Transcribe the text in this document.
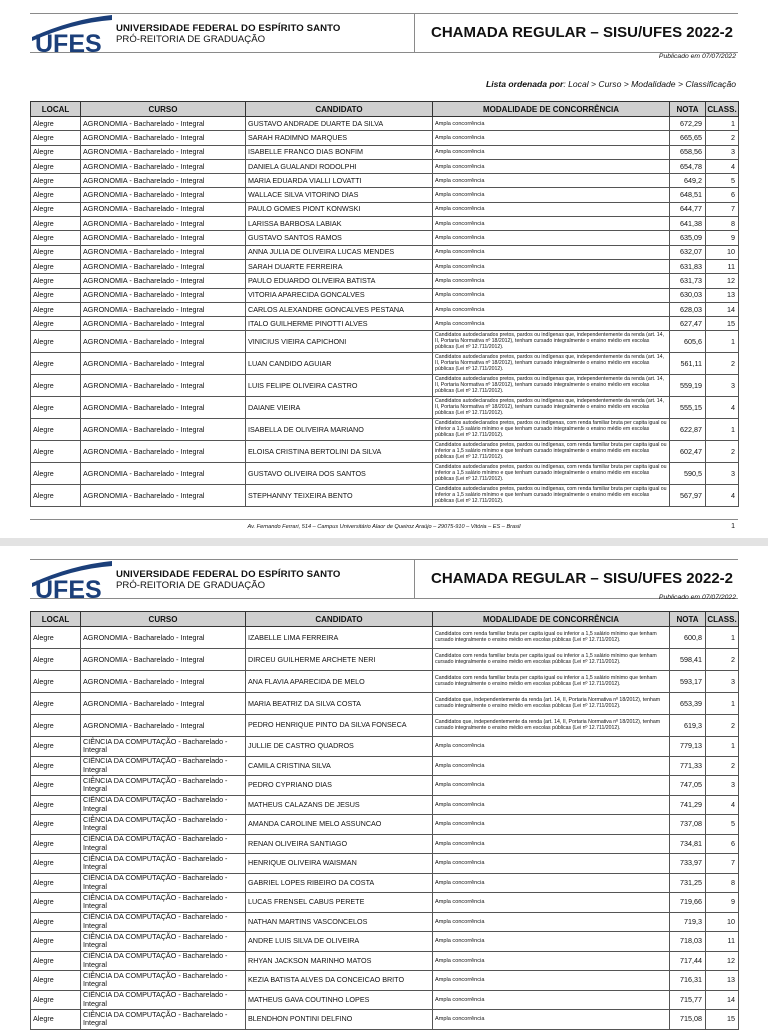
UFES
UNIVERSIDADE FEDERAL DO ESPÍRITO SANTO
PRÓ-REITORIA DE GRADUAÇÃO	CHAMADA REGULAR – SISU/UFES 2022-2
Publicado em 07/07/2022
Lista ordenada por: Local > Curso > Modalidade > Classificação
LOCAL	CURSO	CANDIDATO	MODALIDADE DE CONCORRÊNCIA	NOTA	CLASS.
Alegre	AGRONOMIA - Bacharelado - Integral	GUSTAVO ANDRADE DUARTE DA SILVA	Ampla concorrência	672,29	1
Alegre	AGRONOMIA - Bacharelado - Integral	SARAH RADIMNO MARQUES	Ampla concorrência	665,65	2
Alegre	AGRONOMIA - Bacharelado - Integral	ISABELLE FRANCO DIAS BONFIM	Ampla concorrência	658,56	3
Alegre	AGRONOMIA - Bacharelado - Integral	DANIELA GUALANDI RODOLPHI	Ampla concorrência	654,78	4
Alegre	AGRONOMIA - Bacharelado - Integral	MARIA EDUARDA VIALLI LOVATTI	Ampla concorrência	649,2	5
Alegre	AGRONOMIA - Bacharelado - Integral	WALLACE SILVA VITORINO DIAS	Ampla concorrência	648,51	6
Alegre	AGRONOMIA - Bacharelado - Integral	PAULO GOMES PIONT KONWSKI	Ampla concorrência	644,77	7
Alegre	AGRONOMIA - Bacharelado - Integral	LARISSA BARBOSA LABIAK	Ampla concorrência	641,38	8
Alegre	AGRONOMIA - Bacharelado - Integral	GUSTAVO SANTOS RAMOS	Ampla concorrência	635,09	9
Alegre	AGRONOMIA - Bacharelado - Integral	ANNA JULIA DE OLIVEIRA LUCAS MENDES	Ampla concorrência	632,07	10
Alegre	AGRONOMIA - Bacharelado - Integral	SARAH DUARTE FERREIRA	Ampla concorrência	631,83	11
Alegre	AGRONOMIA - Bacharelado - Integral	PAULO EDUARDO OLIVEIRA BATISTA	Ampla concorrência	631,73	12
Alegre	AGRONOMIA - Bacharelado - Integral	VITORIA APARECIDA GONCALVES	Ampla concorrência	630,03	13
Alegre	AGRONOMIA - Bacharelado - Integral	CARLOS ALEXANDRE GONCALVES PESTANA	Ampla concorrência	628,03	14
Alegre	AGRONOMIA - Bacharelado - Integral	ITALO GUILHERME PINOTTI ALVES	Ampla concorrência	627,47	15
Alegre	AGRONOMIA - Bacharelado - Integral	VINICIUS VIEIRA CAPICHONI	Candidatos autodeclarados pretos, pardos ou indígenas que, independentemente da renda (art. 14, II, Portaria Normativa nº 18/2012), tenham cursado integralmente o ensino médio em escolas públicas (Lei nº 12.711/2012).	605,6	1
Alegre	AGRONOMIA - Bacharelado - Integral	LUAN CANDIDO AGUIAR	Candidatos autodeclarados pretos, pardos ou indígenas que, independentemente da renda (art. 14, II, Portaria Normativa nº 18/2012), tenham cursado integralmente o ensino médio em escolas públicas (Lei nº 12.711/2012).	561,11	2
Alegre	AGRONOMIA - Bacharelado - Integral	LUIS FELIPE OLIVEIRA CASTRO	Candidatos autodeclarados pretos, pardos ou indígenas que, independentemente da renda (art. 14, II, Portaria Normativa nº 18/2012), tenham cursado integralmente o ensino médio em escolas públicas (Lei nº 12.711/2012).	559,19	3
Alegre	AGRONOMIA - Bacharelado - Integral	DAIANE VIEIRA	Candidatos autodeclarados pretos, pardos ou indígenas que, independentemente da renda (art. 14, II, Portaria Normativa nº 18/2012), tenham cursado integralmente o ensino médio em escolas públicas (Lei nº 12.711/2012).	555,15	4
Alegre	AGRONOMIA - Bacharelado - Integral	ISABELLA DE OLIVEIRA MARIANO	Candidatos autodeclarados pretos, pardos ou indígenas, com renda familiar bruta per capita igual ou inferior a 1,5 salário mínimo e que tenham cursado integralmente o ensino médio em escolas públicas (Lei nº 12.711/2012).	622,87	1
Alegre	AGRONOMIA - Bacharelado - Integral	ELOISA CRISTINA BERTOLINI DA SILVA	Candidatos autodeclarados pretos, pardos ou indígenas, com renda familiar bruta per capita igual ou inferior a 1,5 salário mínimo e que tenham cursado integralmente o ensino médio em escolas públicas (Lei nº 12.711/2012).	602,47	2
Alegre	AGRONOMIA - Bacharelado - Integral	GUSTAVO OLIVEIRA DOS SANTOS	Candidatos autodeclarados pretos, pardos ou indígenas, com renda familiar bruta per capita igual ou inferior a 1,5 salário mínimo e que tenham cursado integralmente o ensino médio em escolas públicas (Lei nº 12.711/2012).	590,5	3
Alegre	AGRONOMIA - Bacharelado - Integral	STEPHANNY TEIXEIRA BENTO	Candidatos autodeclarados pretos, pardos ou indígenas, com renda familiar bruta per capita igual ou inferior a 1,5 salário mínimo e que tenham cursado integralmente o ensino médio em escolas públicas (Lei nº 12.711/2012).	567,97	4
Av. Fernando Ferrari, 514 – Campus Universitário Alaor de Queiroz Araújo – 29075-910 – Vitória – ES – Brasil	1
UFES
UNIVERSIDADE FEDERAL DO ESPÍRITO SANTO
PRÓ-REITORIA DE GRADUAÇÃO	CHAMADA REGULAR – SISU/UFES 2022-2
Publicado em 07/07/2022
LOCAL	CURSO	CANDIDATO	MODALIDADE DE CONCORRÊNCIA	NOTA	CLASS.
Alegre	AGRONOMIA - Bacharelado - Integral	IZABELLE LIMA FERREIRA	Candidatos com renda familiar bruta per capita igual ou inferior a 1,5 salário mínimo que tenham cursado integralmente o ensino médio em escolas públicas (Lei nº 12.711/2012).	600,8	1
Alegre	AGRONOMIA - Bacharelado - Integral	DIRCEU GUILHERME ARCHETE NERI	Candidatos com renda familiar bruta per capita igual ou inferior a 1,5 salário mínimo que tenham cursado integralmente o ensino médio em escolas públicas (Lei nº 12.711/2012).	598,41	2
Alegre	AGRONOMIA - Bacharelado - Integral	ANA FLAVIA APARECIDA DE MELO	Candidatos com renda familiar bruta per capita igual ou inferior a 1,5 salário mínimo que tenham cursado integralmente o ensino médio em escolas públicas (Lei nº 12.711/2012).	593,17	3
Alegre	AGRONOMIA - Bacharelado - Integral	MARIA BEATRIZ DA SILVA COSTA	Candidatos que, independentemente da renda (art. 14, II, Portaria Normativa nº 18/2012), tenham cursado integralmente o ensino médio em escolas públicas (Lei nº 12.711/2012).	653,39	1
Alegre	AGRONOMIA - Bacharelado - Integral	PEDRO HENRIQUE PINTO DA SILVA FONSECA	Candidatos que, independentemente da renda (art. 14, II, Portaria Normativa nº 18/2012), tenham cursado integralmente o ensino médio em escolas públicas (Lei nº 12.711/2012).	619,3	2
Alegre	CIÊNCIA DA COMPUTAÇÃO - Bacharelado - Integral	JULLIE DE CASTRO QUADROS	Ampla concorrência	779,13	1
Alegre	CIÊNCIA DA COMPUTAÇÃO - Bacharelado - Integral	CAMILA CRISTINA SILVA	Ampla concorrência	771,33	2
Alegre	CIÊNCIA DA COMPUTAÇÃO - Bacharelado - Integral	PEDRO CYPRIANO DIAS	Ampla concorrência	747,05	3
Alegre	CIÊNCIA DA COMPUTAÇÃO - Bacharelado - Integral	MATHEUS CALAZANS DE JESUS	Ampla concorrência	741,29	4
Alegre	CIÊNCIA DA COMPUTAÇÃO - Bacharelado - Integral	AMANDA CAROLINE MELO ASSUNCAO	Ampla concorrência	737,08	5
Alegre	CIÊNCIA DA COMPUTAÇÃO - Bacharelado - Integral	RENAN OLIVEIRA SANTIAGO	Ampla concorrência	734,81	6
Alegre	CIÊNCIA DA COMPUTAÇÃO - Bacharelado - Integral	HENRIQUE OLIVEIRA WAISMAN	Ampla concorrência	733,97	7
Alegre	CIÊNCIA DA COMPUTAÇÃO - Bacharelado - Integral	GABRIEL LOPES RIBEIRO DA COSTA	Ampla concorrência	731,25	8
Alegre	CIÊNCIA DA COMPUTAÇÃO - Bacharelado - Integral	LUCAS FRENSEL CABUS PERETE	Ampla concorrência	719,66	9
Alegre	CIÊNCIA DA COMPUTAÇÃO - Bacharelado - Integral	NATHAN MARTINS VASCONCELOS	Ampla concorrência	719,3	10
Alegre	CIÊNCIA DA COMPUTAÇÃO - Bacharelado - Integral	ANDRE LUIS SILVA DE OLIVEIRA	Ampla concorrência	718,03	11
Alegre	CIÊNCIA DA COMPUTAÇÃO - Bacharelado - Integral	RHYAN JACKSON MARINHO MATOS	Ampla concorrência	717,44	12
Alegre	CIÊNCIA DA COMPUTAÇÃO - Bacharelado - Integral	KEZIA BATISTA ALVES DA CONCEICAO BRITO	Ampla concorrência	716,31	13
Alegre	CIÊNCIA DA COMPUTAÇÃO - Bacharelado - Integral	MATHEUS GAVA COUTINHO LOPES	Ampla concorrência	715,77	14
Alegre	CIÊNCIA DA COMPUTAÇÃO - Bacharelado - Integral	BLENDHON PONTINI DELFINO	Ampla concorrência	715,08	15
